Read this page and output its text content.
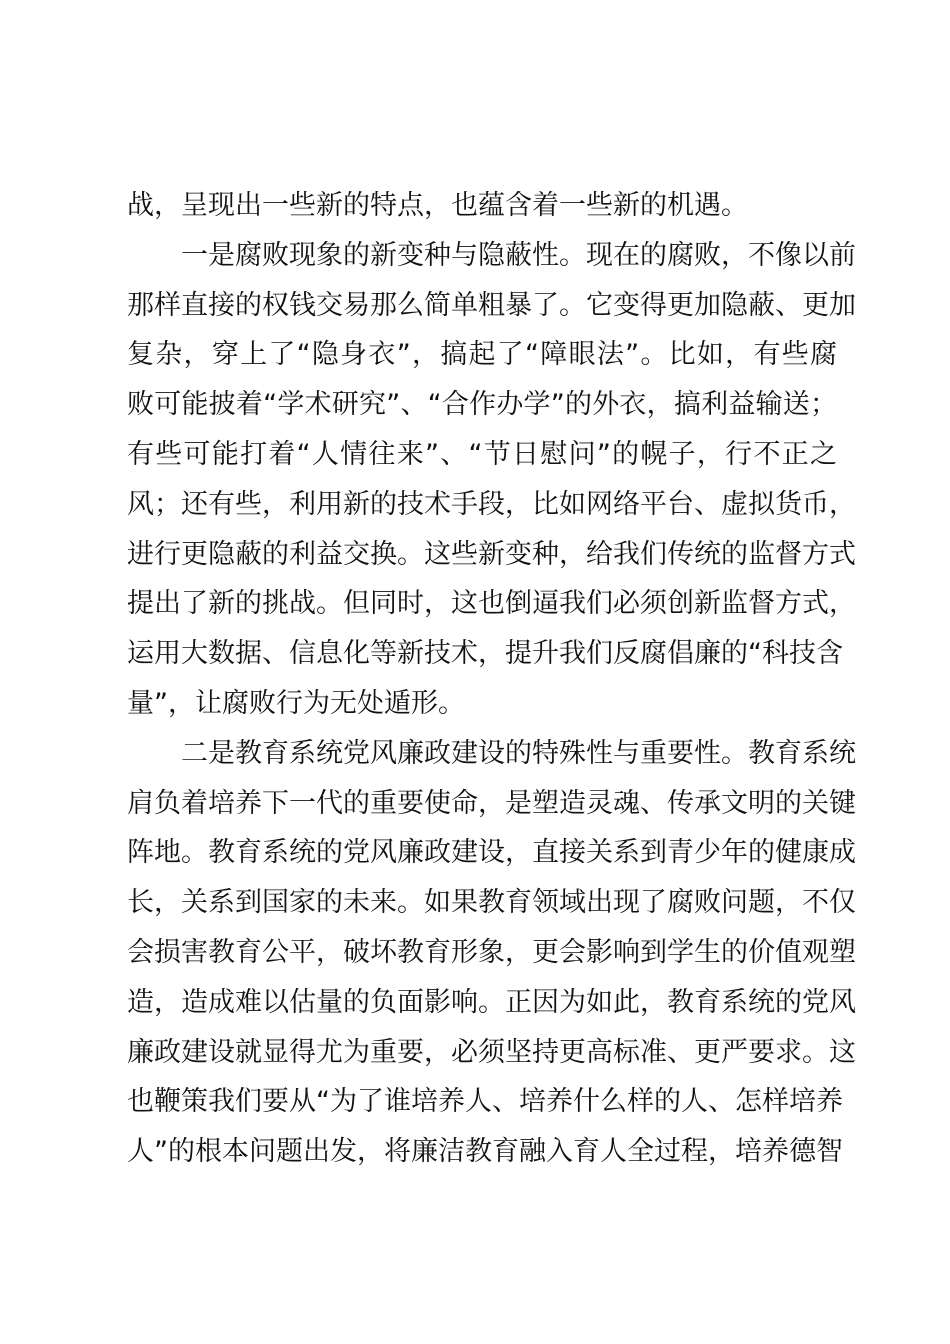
战，呈现出一些新的特点，也蕴含着一些新的机遇。
一是腐败现象的新变种与隐蔽性。现在的腐败，不像以前
那样直接的权钱交易那么简单粗暴了。它变得更加隐蔽、更加
复杂，穿上了“隐身衣”，搞起了“障眼法”。比如，有些腐
败可能披着“学术研究”、“合作办学”的外衣，搞利益输送；
有些可能打着“人情往来”、“节日慰问”的幌子，行不正之
风；还有些，利用新的技术手段，比如网络平台、虚拟货币，
进行更隐蔽的利益交换。这些新变种，给我们传统的监督方式
提出了新的挑战。但同时，这也倒逼我们必须创新监督方式，
运用大数据、信息化等新技术，提升我们反腐倡廉的“科技含
量”，让腐败行为无处遁形。
二是教育系统党风廉政建设的特殊性与重要性。教育系统
肩负着培养下一代的重要使命，是塑造灵魂、传承文明的关键
阵地。教育系统的党风廉政建设，直接关系到青少年的健康成
长，关系到国家的未来。如果教育领域出现了腐败问题，不仅
会损害教育公平，破坏教育形象，更会影响到学生的价值观塑
造，造成难以估量的负面影响。正因为如此，教育系统的党风
廉政建设就显得尤为重要，必须坚持更高标准、更严要求。这
也鞭策我们要从“为了谁培养人、培养什么样的人、怎样培养
人”的根本问题出发，将廉洁教育融入育人全过程，培养德智
